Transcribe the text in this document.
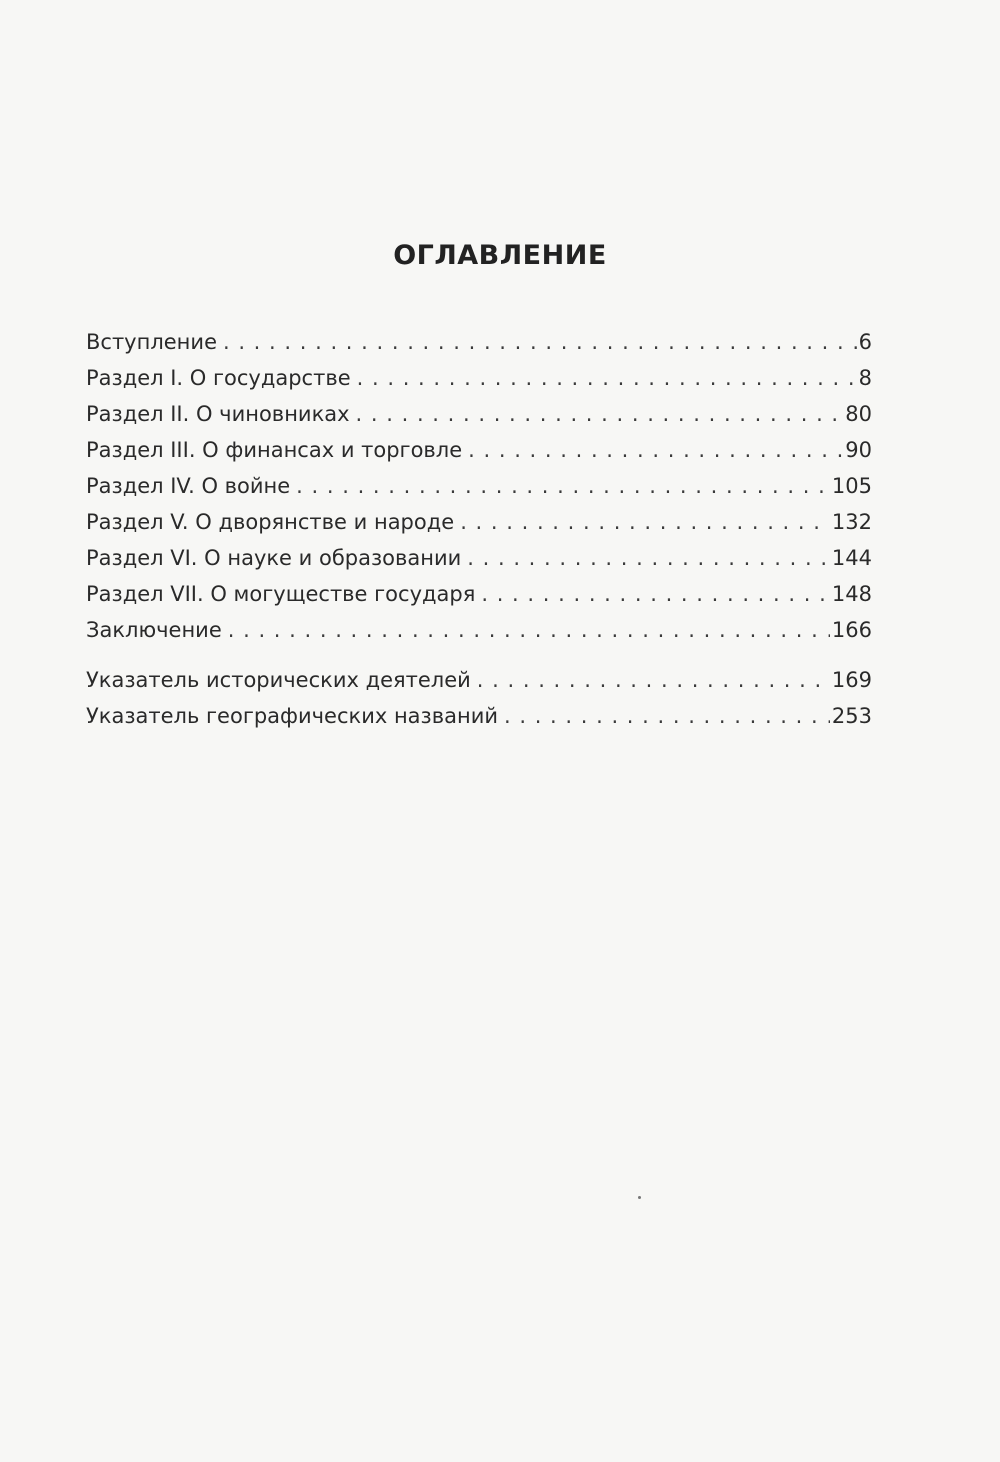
ОГЛАВЛЕНИЕ
Вступление . . .	6
Раздел I. О государстве . . .	8
Раздел II. О чиновниках . . .	80
Раздел III. О финансах и торговле . . .	90
Раздел IV. О войне . . .	105
Раздел V. О дворянстве и народе . . .	132
Раздел VI. О науке и образовании . . .	144
Раздел VII. О могуществе государя . . .	148
Заключение . . .	166
Указатель исторических деятелей . . .	169
Указатель географических названий . . .	253
